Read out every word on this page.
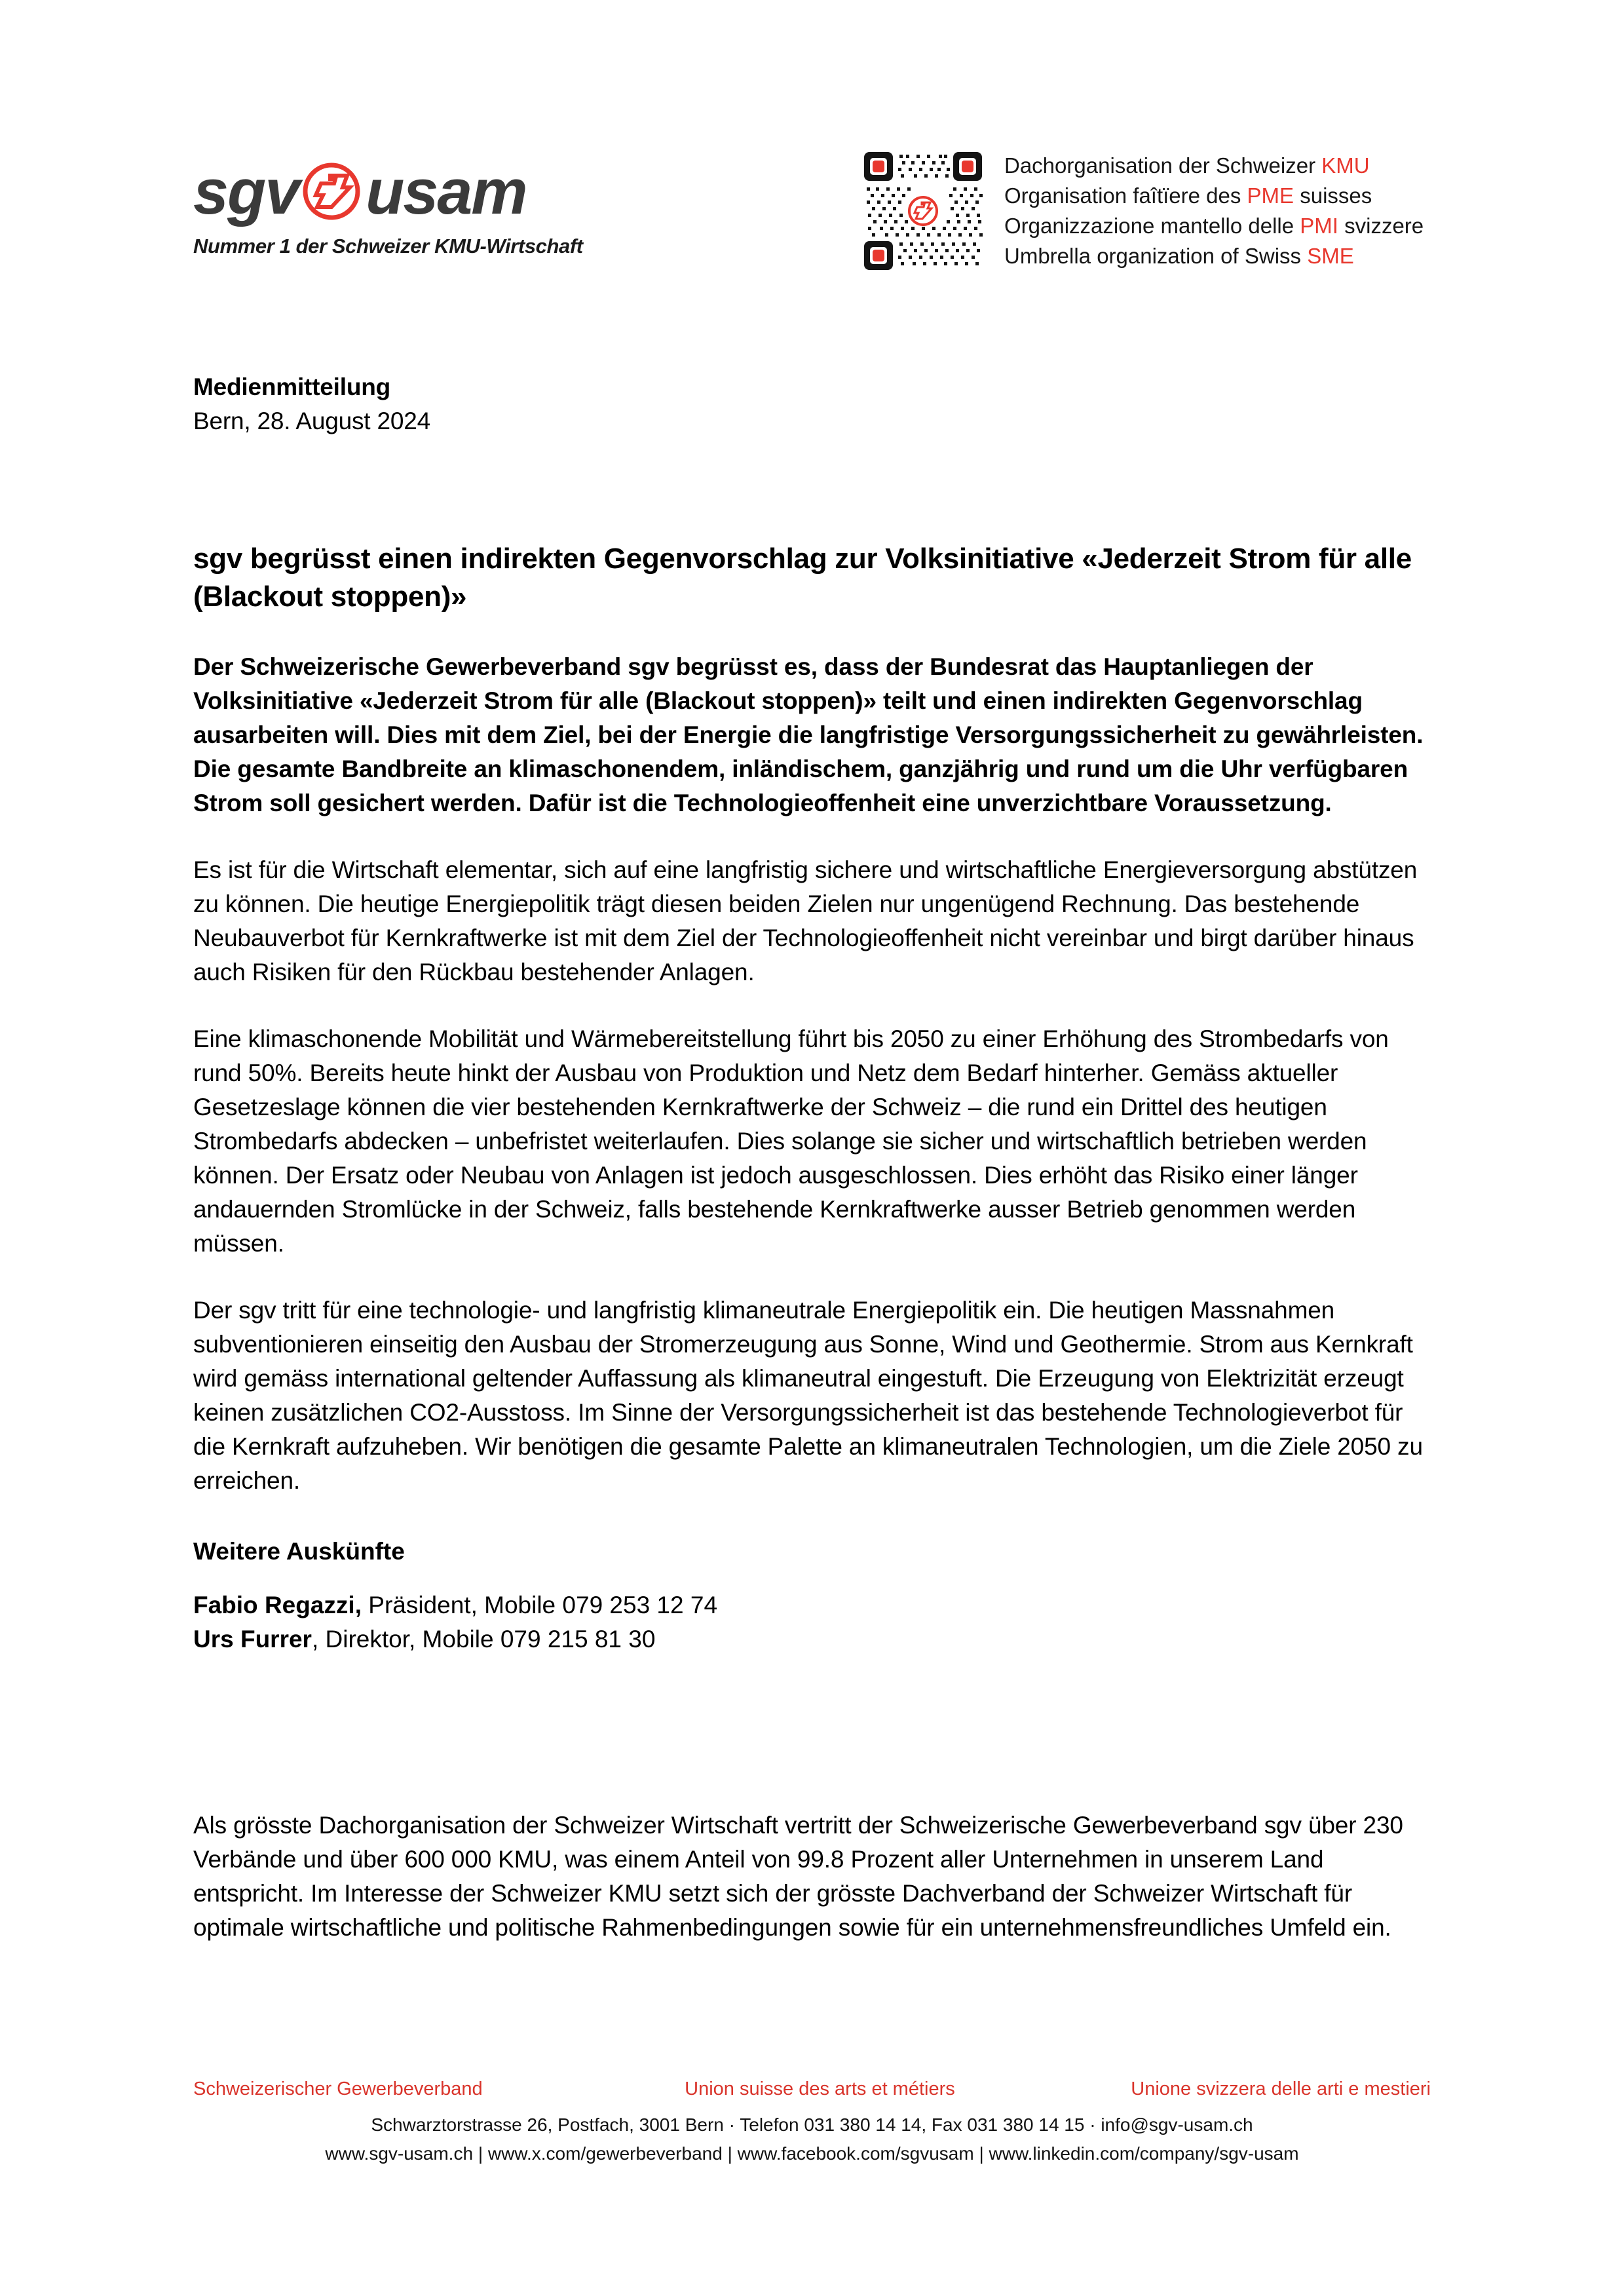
sgv usam
Nummer 1 der Schweizer KMU-Wirtschaft
Dachorganisation der Schweizer KMU
Organisation faîtïere des PME suisses
Organizzazione mantello delle PMI svizzere
Umbrella organization of Swiss SME
Medienmitteilung
Bern, 28. August 2024
sgv begrüsst einen indirekten Gegenvorschlag zur Volksinitiative «Jederzeit Strom für alle (Blackout stoppen)»
Der Schweizerische Gewerbeverband sgv begrüsst es, dass der Bundesrat das Hauptanliegen der Volksinitiative «Jederzeit Strom für alle (Blackout stoppen)» teilt und einen indirekten Gegenvorschlag ausarbeiten will. Dies mit dem Ziel, bei der Energie die langfristige Versorgungssicherheit zu gewährleisten. Die gesamte Bandbreite an klimaschonendem, inländischem, ganzjährig und rund um die Uhr verfügbaren Strom soll gesichert werden. Dafür ist die Technologieoffenheit eine unverzichtbare Voraussetzung.

Es ist für die Wirtschaft elementar, sich auf eine langfristig sichere und wirtschaftliche Energieversorgung abstützen zu können. Die heutige Energiepolitik trägt diesen beiden Zielen nur ungenügend Rechnung. Das bestehende Neubauverbot für Kernkraftwerke ist mit dem Ziel der Technologieoffenheit nicht vereinbar und birgt darüber hinaus auch Risiken für den Rückbau bestehender Anlagen.

Eine klimaschonende Mobilität und Wärmebereitstellung führt bis 2050 zu einer Erhöhung des Strombedarfs von rund 50%. Bereits heute hinkt der Ausbau von Produktion und Netz dem Bedarf hinterher. Gemäss aktueller Gesetzeslage können die vier bestehenden Kernkraftwerke der Schweiz – die rund ein Drittel des heutigen Strombedarfs abdecken – unbefristet weiterlaufen. Dies solange sie sicher und wirtschaftlich betrieben werden können. Der Ersatz oder Neubau von Anlagen ist jedoch ausgeschlossen. Dies erhöht das Risiko einer länger andauernden Stromlücke in der Schweiz, falls bestehende Kernkraftwerke ausser Betrieb genommen werden müssen.

Der sgv tritt für eine technologie- und langfristig klimaneutrale Energiepolitik ein. Die heutigen Massnahmen subventionieren einseitig den Ausbau der Stromerzeugung aus Sonne, Wind und Geothermie. Strom aus Kernkraft wird gemäss international geltender Auffassung als klimaneutral eingestuft. Die Erzeugung von Elektrizität erzeugt keinen zusätzlichen CO2-Ausstoss. Im Sinne der Versorgungssicherheit ist das bestehende Technologieverbot für die Kernkraft aufzuheben. Wir benötigen die gesamte Palette an klimaneutralen Technologien, um die Ziele 2050 zu erreichen.

Weitere Auskünfte
Fabio Regazzi, Präsident, Mobile 079 253 12 74
Urs Furrer, Direktor, Mobile 079 215 81 30
Als grösste Dachorganisation der Schweizer Wirtschaft vertritt der Schweizerische Gewerbeverband sgv über 230 Verbände und über 600 000 KMU, was einem Anteil von 99.8 Prozent aller Unternehmen in unserem Land entspricht. Im Interesse der Schweizer KMU setzt sich der grösste Dachverband der Schweizer Wirtschaft für optimale wirtschaftliche und politische Rahmenbedingungen sowie für ein unternehmensfreundliches Umfeld ein.
Schweizerischer Gewerbeverband	Union suisse des arts et métiers	Unione svizzera delle arti e mestieri
Schwarztorstrasse 26, Postfach, 3001 Bern · Telefon 031 380 14 14, Fax 031 380 14 15 · info@sgv-usam.ch
www.sgv-usam.ch | www.x.com/gewerbeverband | www.facebook.com/sgvusam | www.linkedin.com/company/sgv-usam
